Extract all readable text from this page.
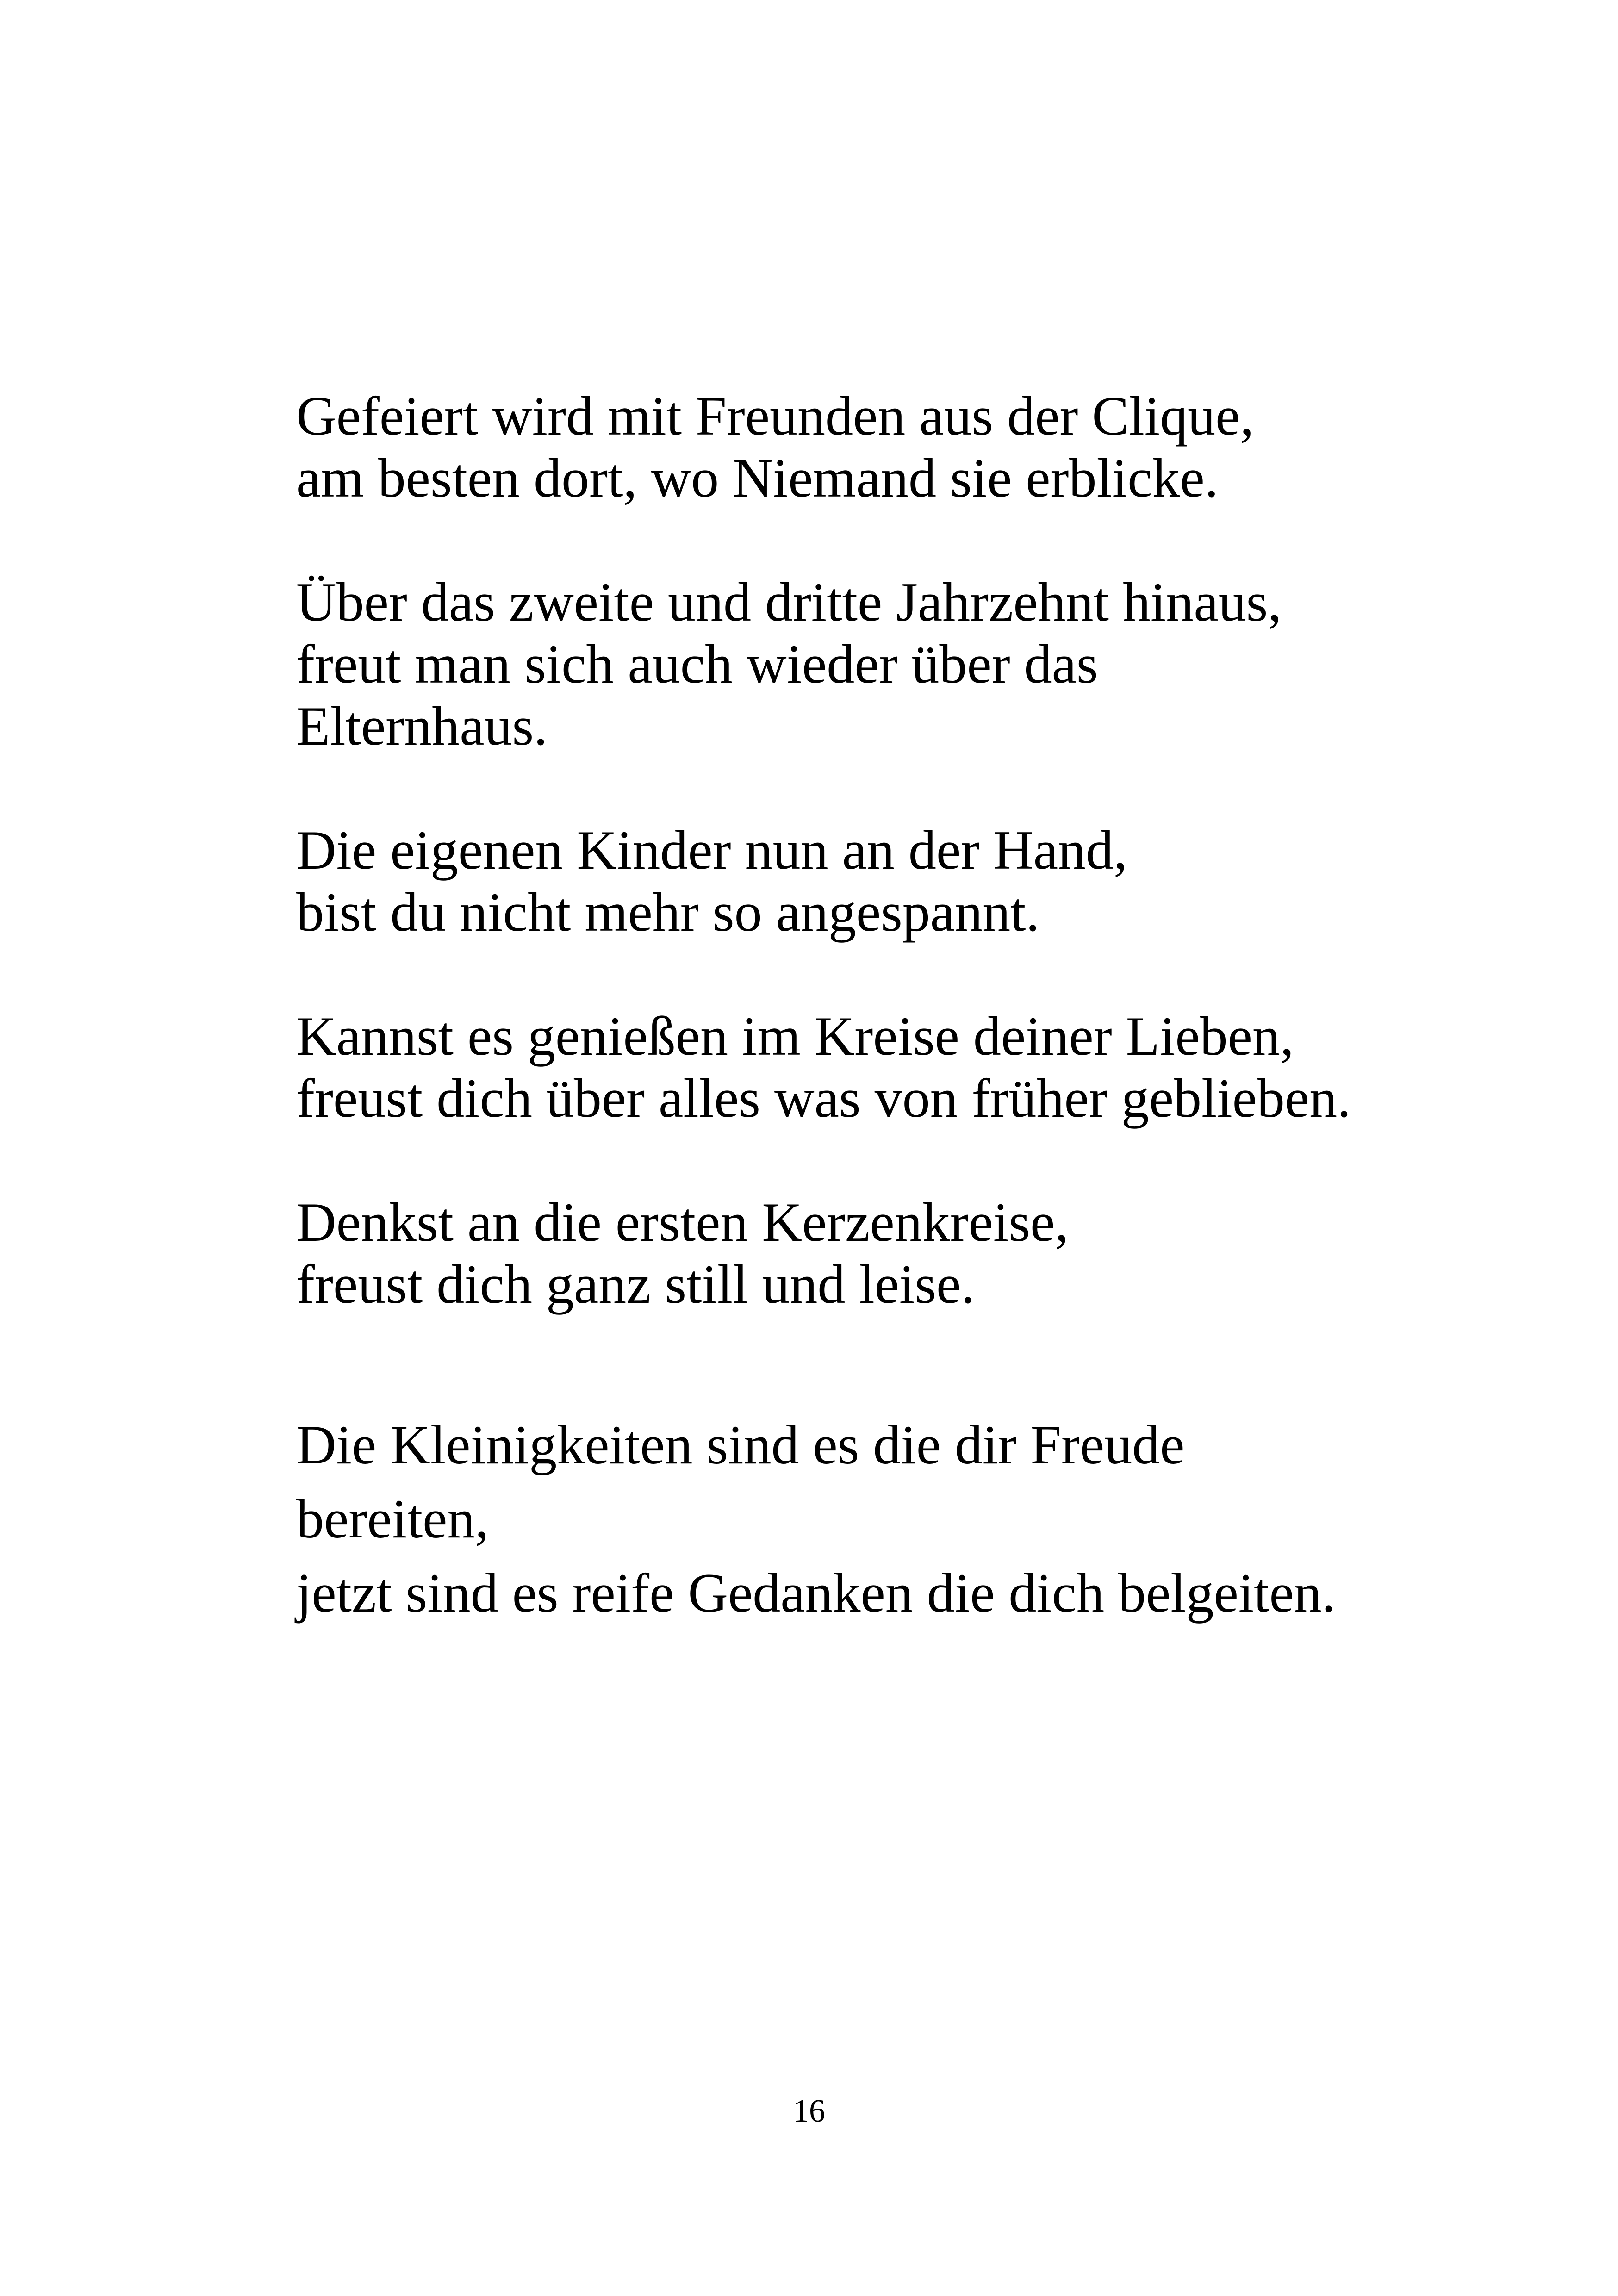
Gefeiert wird mit Freunden aus der Clique,
am besten dort, wo Niemand sie erblicke.
Über das zweite und dritte Jahrzehnt hinaus,
freut man sich auch wieder über das
Elternhaus.
Die eigenen Kinder nun an der Hand,
bist du nicht mehr so angespannt.
Kannst es genießen im Kreise deiner Lieben,
freust dich über alles was von früher geblieben.
Denkst an die ersten Kerzenkreise,
freust dich ganz still und leise.
Die Kleinigkeiten sind es die dir Freude
bereiten,
jetzt sind es reife Gedanken die dich belgeiten.
16
